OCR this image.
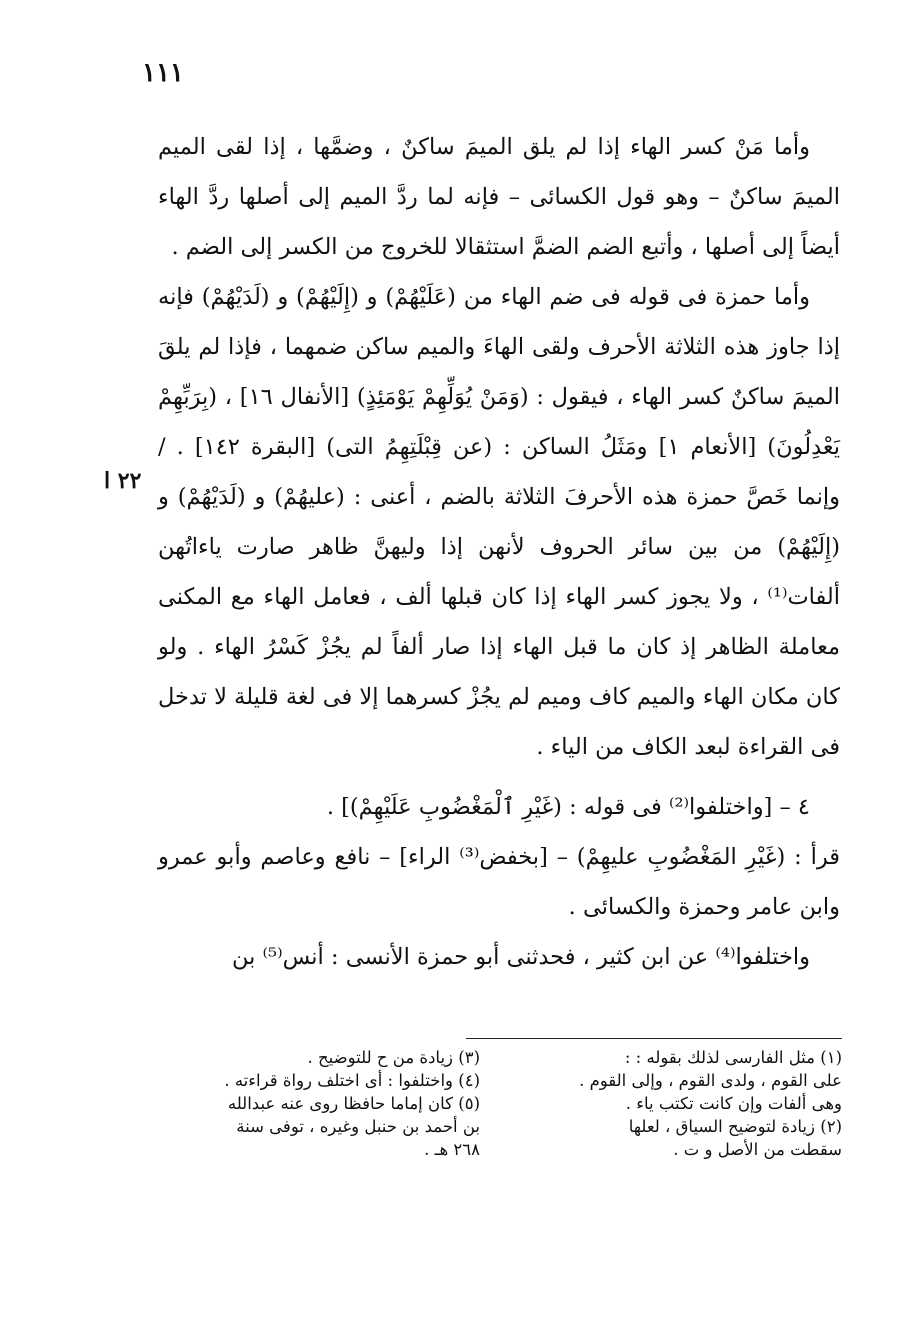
١١١
٢٢ ا

وأما مَنْ كسر الهاء إذا لم يلق الميمَ ساكنٌ ، وضمَّها ، إذا لقى الميم الميمَ ساكنٌ – وهو قول الكسائى – فإنه لما ردَّ الميم إلى أصلها ردَّ الهاء أيضاً إلى أصلها ، وأتبع الضم الضمَّ استثقالا للخروج من الكسر إلى الضم .

وأما حمزة فى قوله فى ضم الهاء من (عَلَيْهُمْ) و (إِلَيْهُمْ) و (لَدَيْهُمْ) فإنه إذا جاوز هذه الثلاثة الأحرف ولقى الهاءَ والميم ساكن ضمهما ، فإذا لم يلقَ الميمَ ساكنٌ كسر الهاء ، فيقول : (وَمَنْ يُوَلِّهِمْ يَوْمَئِذٍ) [الأنفال ١٦] ، (بِرَبِّهِمْ يَعْدِلُونَ) [الأنعام ١] ومَثَلُ الساكن : (عن قِبْلَتِهِمُ التى) [البقرة ١٤٢] . / وإنما خَصَّ حمزة هذه الأحرفَ الثلاثة بالضم ، أعنى : (عليهُمْ) و (لَدَيْهُمْ) و (إِلَيْهُمْ) من بين سائر الحروف لأنهن إذا وليهنَّ ظاهر صارت ياءاتُهن ألفات⁽¹⁾ ، ولا يجوز كسر الهاء إذا كان قبلها ألف ، فعامل الهاء مع المكنى معاملة الظاهر إذ كان ما قبل الهاء إذا صار ألفاً لم يجُزْ كَسْرُ الهاء . ولو كان مكان الهاء والميم كاف وميم لم يجُزْ كسرهما إلا فى لغة قليلة لا تدخل فى القراءة لبعد الكاف من الياء .

٤ – [واختلفوا⁽²⁾ فى قوله : (غَيْرِ ٱلْمَغْضُوبِ عَلَيْهِمْ)] .

قرأ : (غَيْرِ المَغْضُوبِ عليهِمْ) – [بخفض⁽³⁾ الراء] – نافع وعاصم وأبو عمرو وابن عامر وحمزة والكسائى .

واختلفوا⁽⁴⁾ عن ابن كثير ، فحدثنى أبو حمزة الأنسى : أنس⁽⁵⁾ بن

(١) مثل الفارسى لذلك بقوله : :

على القوم ، ولدى القوم ، وإلى القوم .

وهى ألفات وإن كانت تكتب ياء .

(٢) زيادة لتوضيح السياق ، لعلها

سقطت من الأصل و ت .

(٣) زيادة من ح للتوضيح .

(٤) واختلفوا : أى اختلف رواة قراءته .

(٥) كان إماما حافظا روى عنه عبدالله

بن أحمد بن حنبل وغيره ، توفى سنة

٢٦٨ هـ .
